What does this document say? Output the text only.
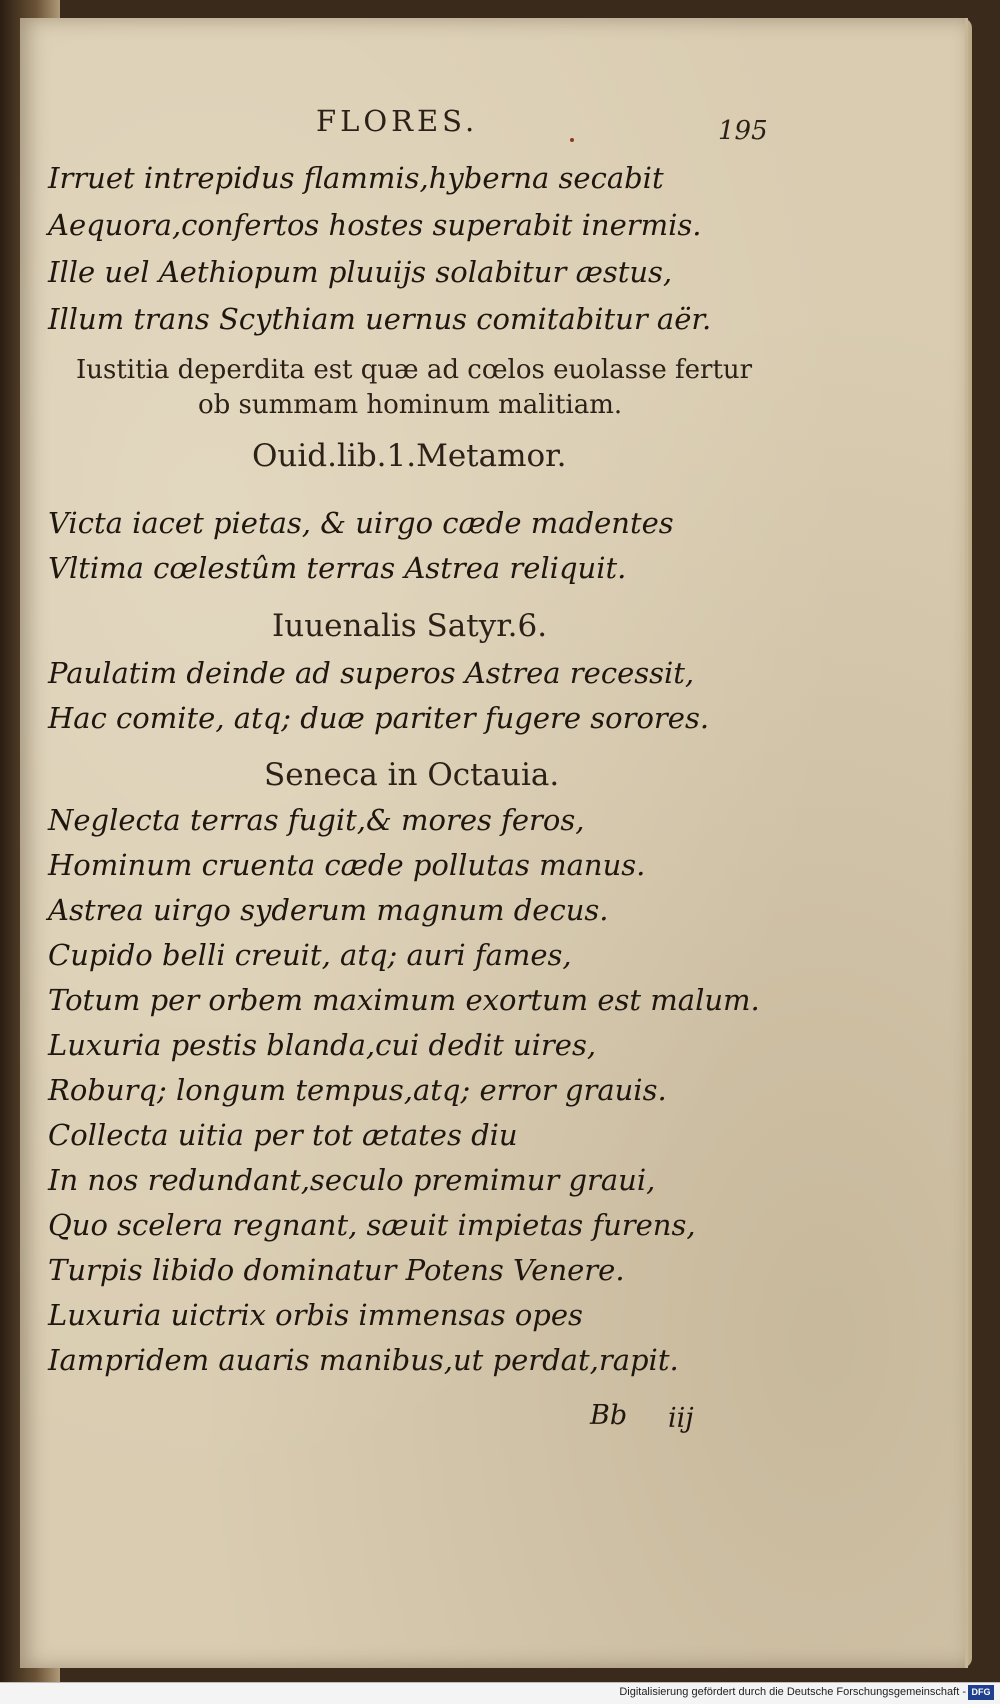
FLORES.	195
Irruet intrepidus flammis,hyberna secabit
Aequora,confertos hostes superabit inermis.
Ille uel Aethiopum pluuijs solabitur æstus,
Illum trans Scythiam uernus comitabitur aër.
Iustitia deperdita est quæ ad cœlos euolasse fertur
ob summam hominum malitiam.
Ouid.lib.1.Metamor.
Victa iacet pietas, & uirgo cæde madentes
Vltima cœlestûm terras Astrea reliquit.
Iuuenalis Satyr.6.
Paulatim deinde ad superos Astrea recessit,
Hac comite, atq; duæ pariter fugere sorores.
Seneca in Octauia.
Neglecta terras fugit,& mores feros,
Hominum cruenta cæde pollutas manus.
Astrea uirgo syderum magnum decus.
Cupido belli creuit, atq; auri fames,
Totum per orbem maximum exortum est malum.
Luxuria pestis blanda,cui dedit uires,
Roburq; longum tempus,atq; error grauis.
Collecta uitia per tot ætates diu
In nos redundant,seculo premimur graui,
Quo scelera regnant, sæuit impietas furens,
Turpis libido dominatur Potens Venere.
Luxuria uictrix orbis immensas opes
Iampridem auaris manibus,ut perdat,rapit.
Bb iij
Digitalisierung gefördert durch die Deutsche Forschungsgemeinschaft - DFG
